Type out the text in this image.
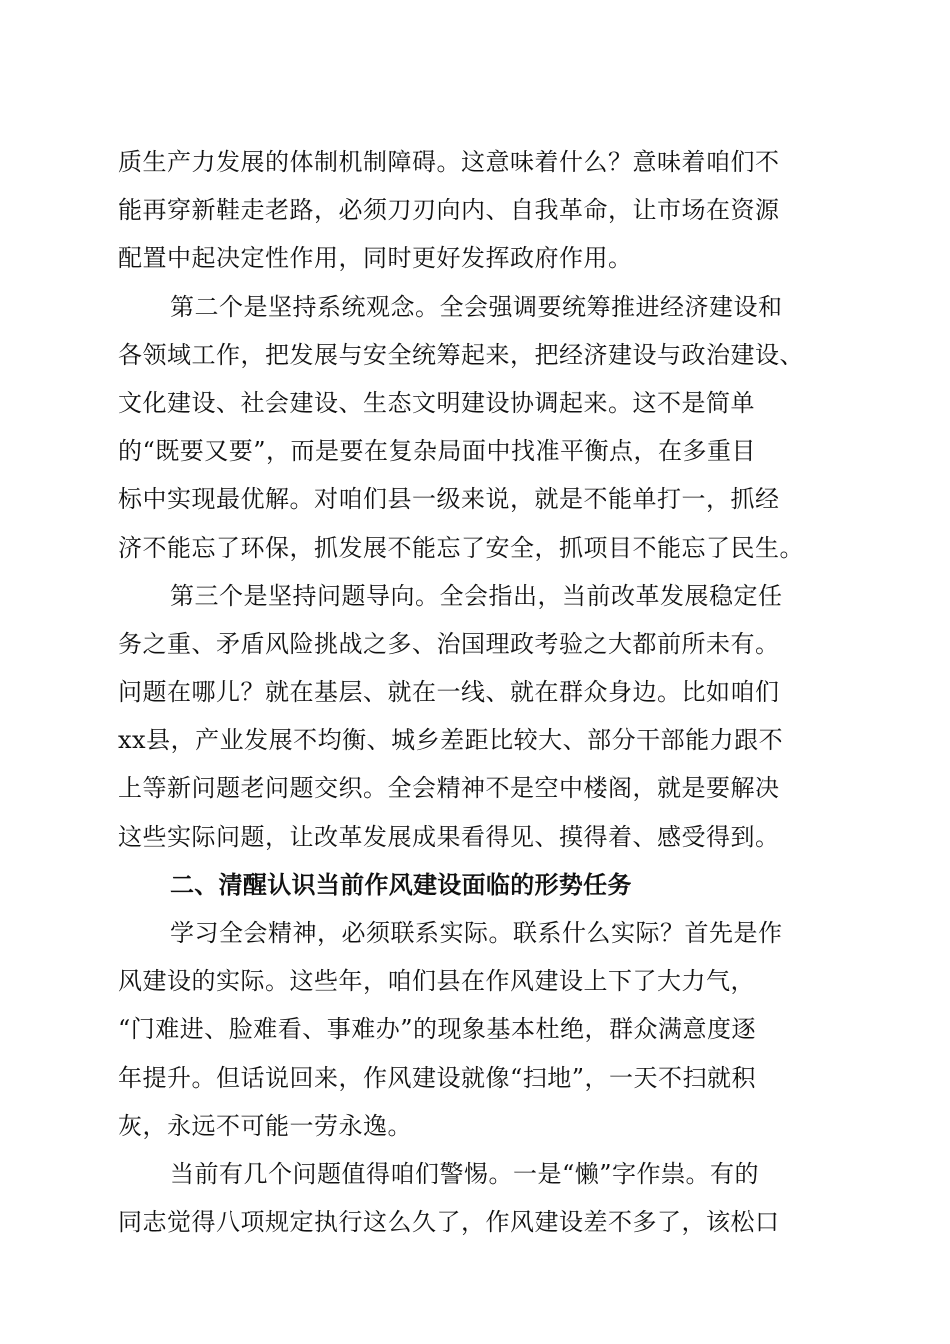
质生产力发展的体制机制障碍。这意味着什么？意味着咱们不
能再穿新鞋走老路，必须刀刃向内、自我革命，让市场在资源
配置中起决定性作用，同时更好发挥政府作用。
第二个是坚持系统观念。全会强调要统筹推进经济建设和
各领域工作，把发展与安全统筹起来，把经济建设与政治建设、
文化建设、社会建设、生态文明建设协调起来。这不是简单
的“既要又要”，而是要在复杂局面中找准平衡点，在多重目
标中实现最优解。对咱们县一级来说，就是不能单打一，抓经
济不能忘了环保，抓发展不能忘了安全，抓项目不能忘了民生。
第三个是坚持问题导向。全会指出，当前改革发展稳定任
务之重、矛盾风险挑战之多、治国理政考验之大都前所未有。
问题在哪儿？就在基层、就在一线、就在群众身边。比如咱们
xx县，产业发展不均衡、城乡差距比较大、部分干部能力跟不
上等新问题老问题交织。全会精神不是空中楼阁，就是要解决
这些实际问题，让改革发展成果看得见、摸得着、感受得到。
二、清醒认识当前作风建设面临的形势任务
学习全会精神，必须联系实际。联系什么实际？首先是作
风建设的实际。这些年，咱们县在作风建设上下了大力气，
“门难进、脸难看、事难办”的现象基本杜绝，群众满意度逐
年提升。但话说回来，作风建设就像“扫地”，一天不扫就积
灰，永远不可能一劳永逸。
当前有几个问题值得咱们警惕。一是“懒”字作祟。有的
同志觉得八项规定执行这么久了，作风建设差不多了，该松口
